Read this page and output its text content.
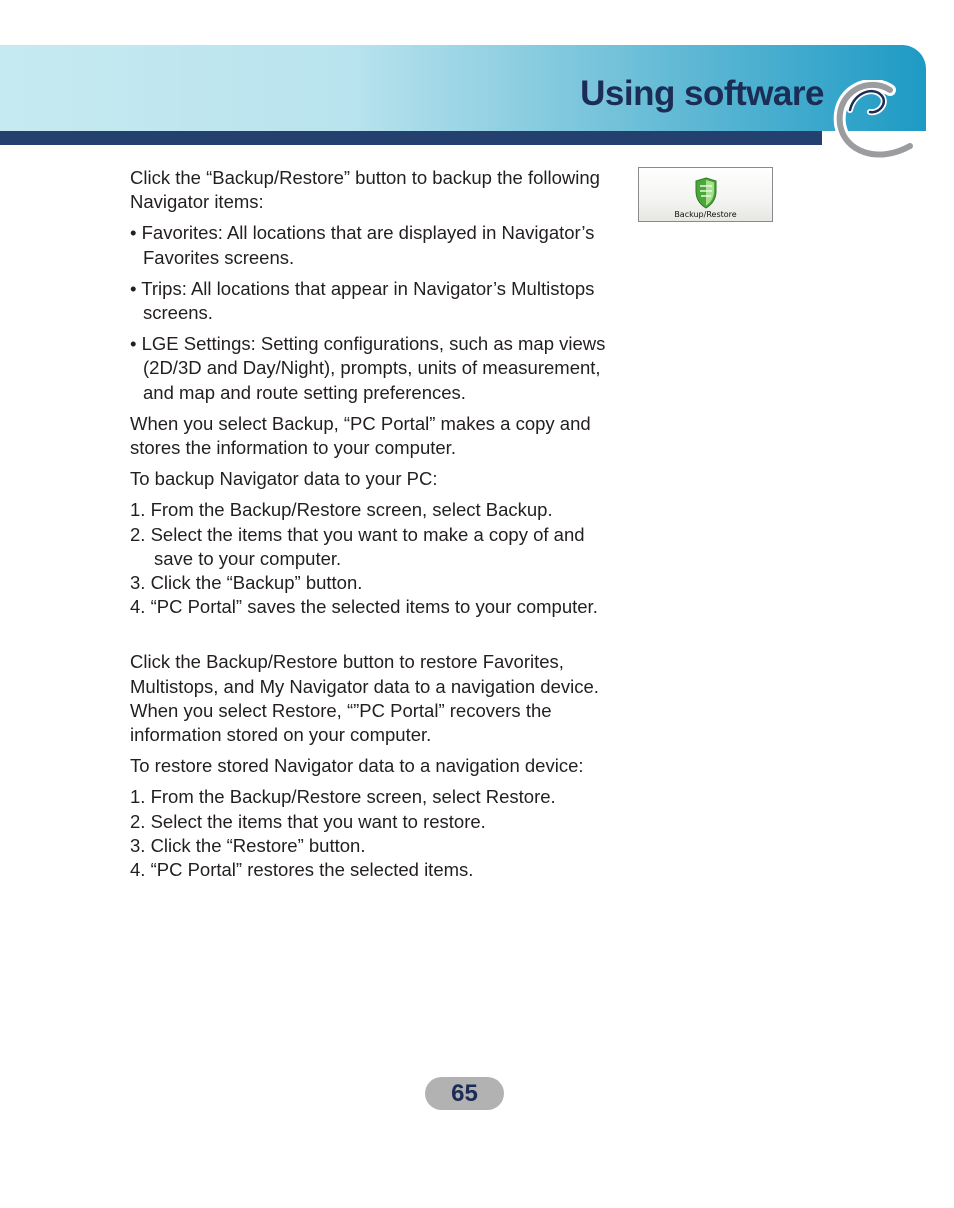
Using software
Backup/Restore

Click the “Backup/Restore” button to backup the following Navigator items:

• Favorites: All locations that are displayed in Navigator’s Favorites screens.
• Trips: All locations that appear in Navigator’s Multistops screens.
• LGE Settings: Setting configurations, such as map views (2D/3D and Day/Night), prompts, units of measurement, and map and route setting preferences.

When you select Backup, “PC Portal” makes a copy and stores the information to your computer.

To backup Navigator data to your PC:

1. From the Backup/Restore screen, select Backup.
2. Select the items that you want to make a copy of and save to your computer.
3. Click the “Backup” button.
4. “PC Portal” saves the selected items to your computer.

Click the Backup/Restore button to restore Favorites, Multistops, and My Navigator data to a navigation device. When you select Restore, “”PC Portal” recovers the information stored on your computer.

To restore stored Navigator data to a navigation device:

1. From the Backup/Restore screen, select Restore.
2. Select the items that you want to restore.
3. Click the “Restore” button.
4. “PC Portal” restores the selected items.
65
